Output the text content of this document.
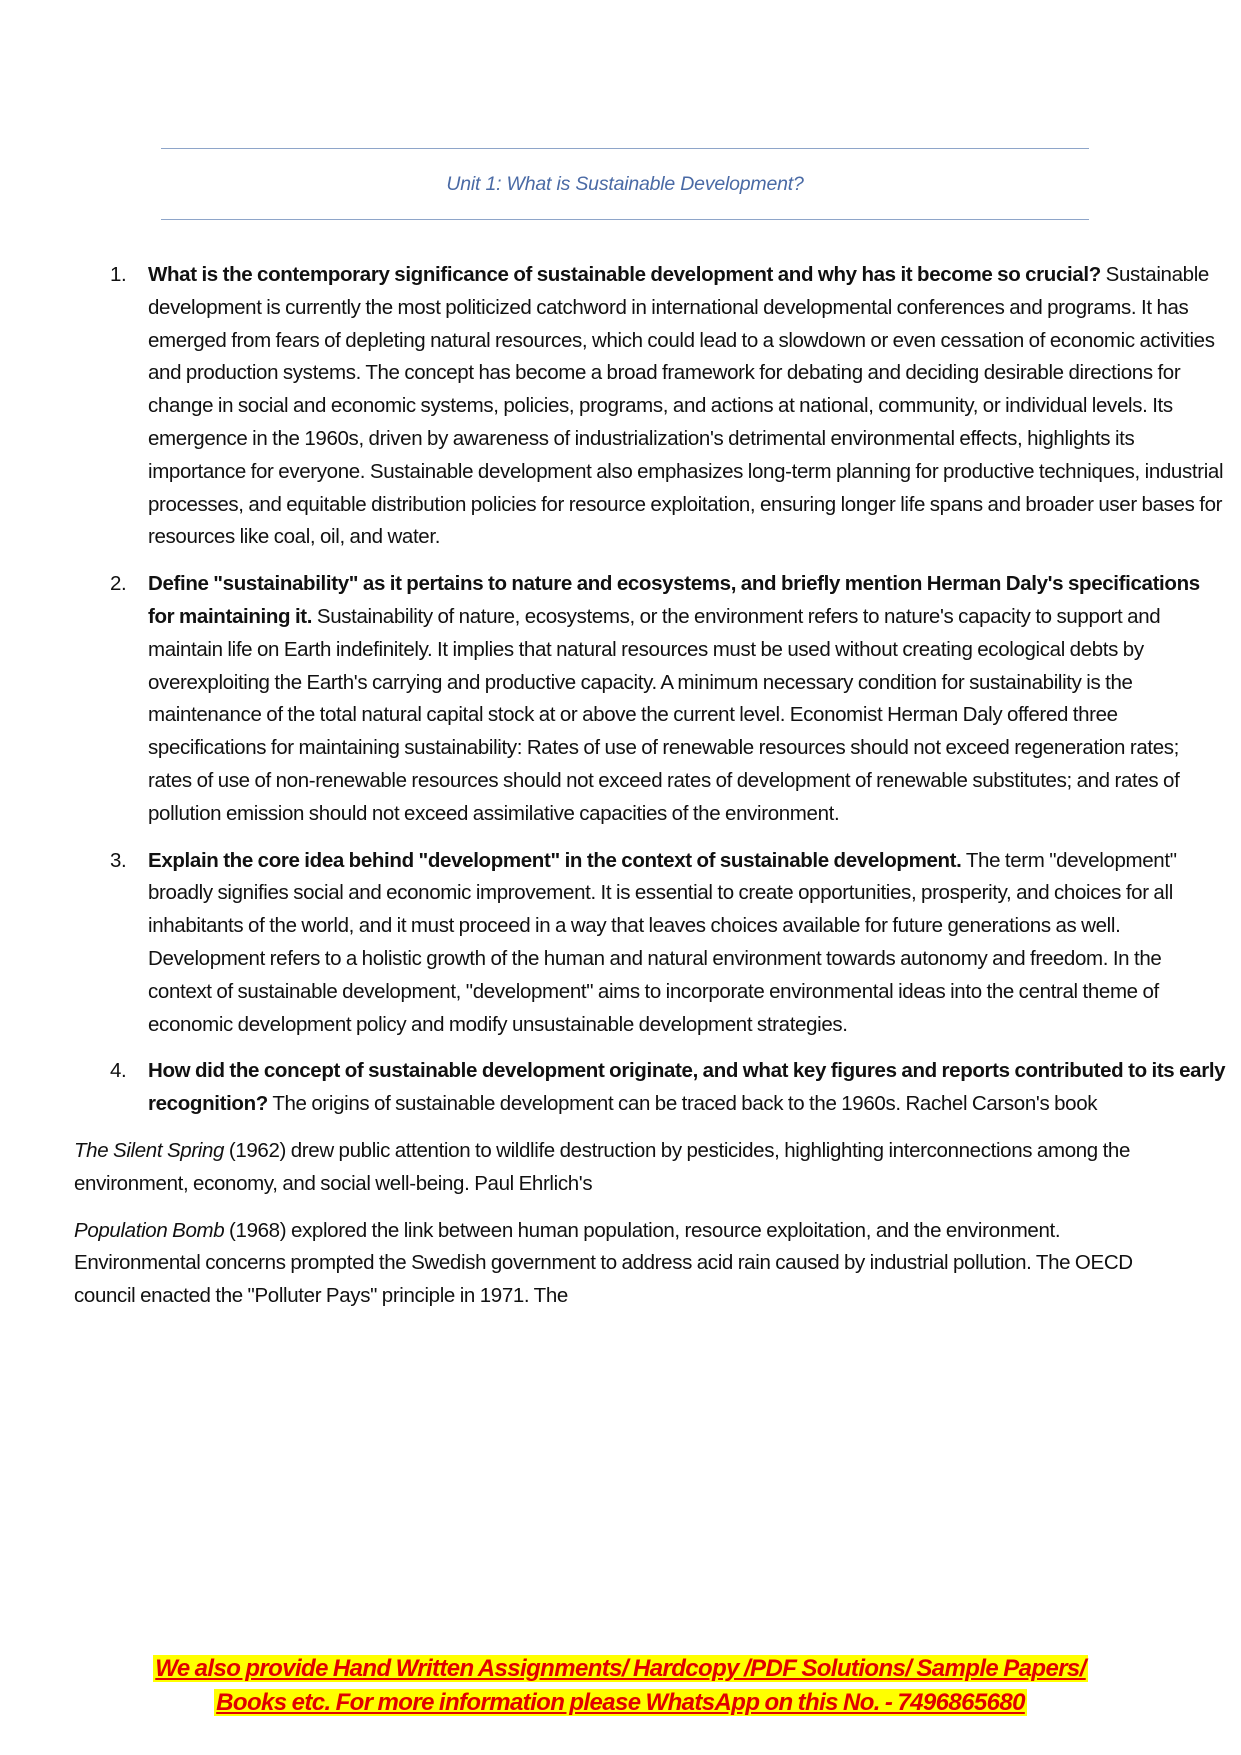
Unit 1: What is Sustainable Development?
1. What is the contemporary significance of sustainable development and why has it become so crucial? Sustainable development is currently the most politicized catchword in international developmental conferences and programs. It has emerged from fears of depleting natural resources, which could lead to a slowdown or even cessation of economic activities and production systems. The concept has become a broad framework for debating and deciding desirable directions for change in social and economic systems, policies, programs, and actions at national, community, or individual levels. Its emergence in the 1960s, driven by awareness of industrialization's detrimental environmental effects, highlights its importance for everyone. Sustainable development also emphasizes long-term planning for productive techniques, industrial processes, and equitable distribution policies for resource exploitation, ensuring longer life spans and broader user bases for resources like coal, oil, and water.
2. Define "sustainability" as it pertains to nature and ecosystems, and briefly mention Herman Daly's specifications for maintaining it. Sustainability of nature, ecosystems, or the environment refers to nature's capacity to support and maintain life on Earth indefinitely. It implies that natural resources must be used without creating ecological debts by overexploiting the Earth's carrying and productive capacity. A minimum necessary condition for sustainability is the maintenance of the total natural capital stock at or above the current level. Economist Herman Daly offered three specifications for maintaining sustainability: Rates of use of renewable resources should not exceed regeneration rates; rates of use of non-renewable resources should not exceed rates of development of renewable substitutes; and rates of pollution emission should not exceed assimilative capacities of the environment.
3. Explain the core idea behind "development" in the context of sustainable development. The term "development" broadly signifies social and economic improvement. It is essential to create opportunities, prosperity, and choices for all inhabitants of the world, and it must proceed in a way that leaves choices available for future generations as well. Development refers to a holistic growth of the human and natural environment towards autonomy and freedom. In the context of sustainable development, "development" aims to incorporate environmental ideas into the central theme of economic development policy and modify unsustainable development strategies.
4. How did the concept of sustainable development originate, and what key figures and reports contributed to its early recognition? The origins of sustainable development can be traced back to the 1960s. Rachel Carson's book

The Silent Spring (1962) drew public attention to wildlife destruction by pesticides, highlighting interconnections among the environment, economy, and social well-being. Paul Ehrlich's

Population Bomb (1968) explored the link between human population, resource exploitation, and the environment. Environmental concerns prompted the Swedish government to address acid rain caused by industrial pollution. The OECD council enacted the "Polluter Pays" principle in 1971. The

We also provide Hand Written Assignments/ Hardcopy /PDF Solutions/ Sample Papers/
Books etc. For more information please WhatsApp on this No. - 7496865680
